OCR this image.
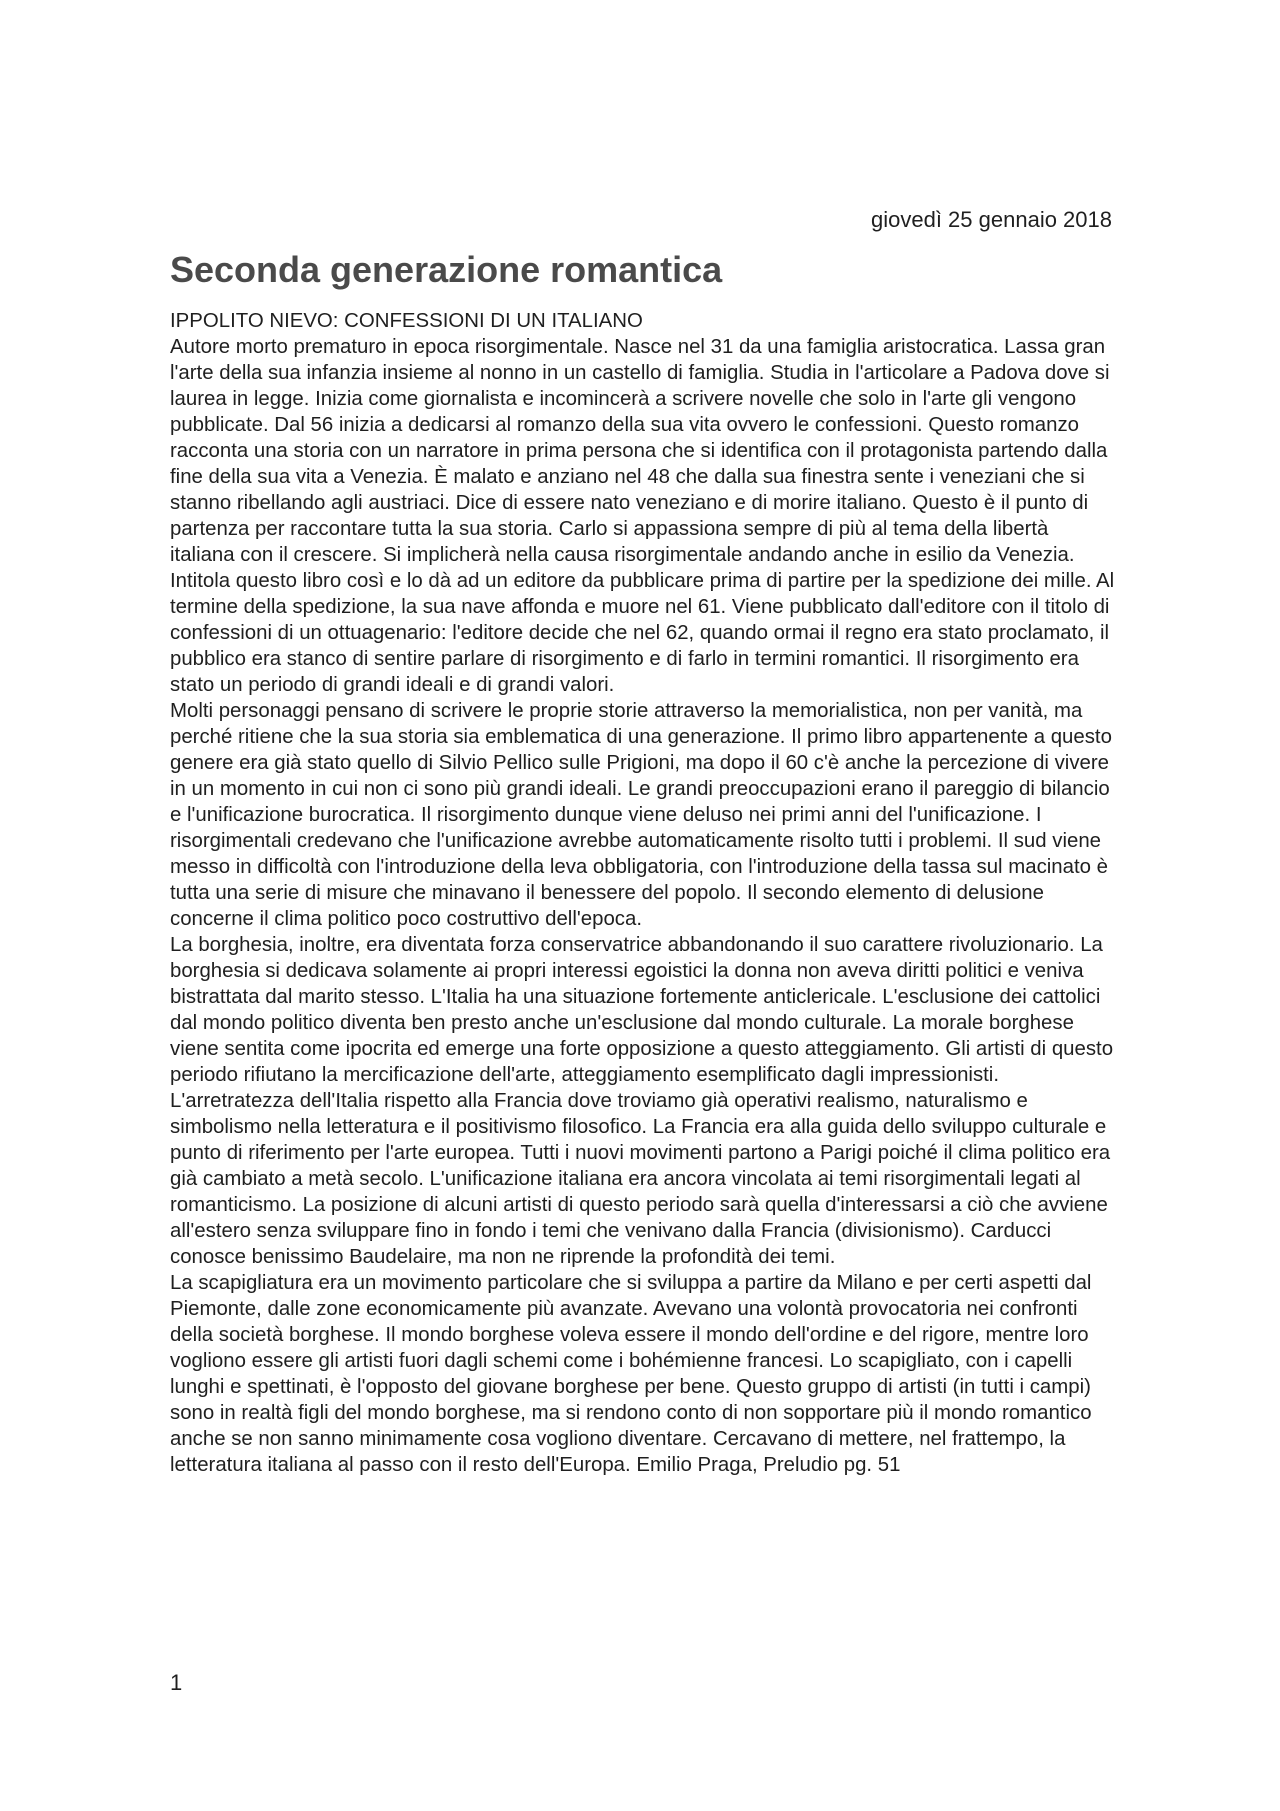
giovedì 25 gennaio 2018
Seconda generazione romantica

IPPOLITO NIEVO: CONFESSIONI DI UN ITALIANO

Autore morto prematuro in epoca risorgimentale. Nasce nel 31 da una famiglia aristocratica. Lassa gran l'arte della sua infanzia insieme al nonno in un castello di famiglia. Studia in l'articolare a Padova dove si laurea in legge. Inizia come giornalista e incomincerà a scrivere novelle che solo in l'arte gli vengono pubblicate. Dal 56 inizia a dedicarsi al romanzo della sua vita ovvero le confessioni. Questo romanzo racconta una storia con un narratore in prima persona che si identifica con il protagonista partendo dalla fine della sua vita a Venezia. È malato e anziano nel 48 che dalla sua finestra sente i veneziani che si stanno ribellando agli austriaci. Dice di essere nato veneziano e di morire italiano. Questo è il punto di partenza per raccontare tutta la sua storia. Carlo si appassiona sempre di più al tema della libertà italiana con il crescere. Si implicherà nella causa risorgimentale andando anche in esilio da Venezia.

Intitola questo libro così e lo dà ad un editore da pubblicare prima di partire per la spedizione dei mille. Al termine della spedizione, la sua nave affonda e muore nel 61. Viene pubblicato dall'editore con il titolo di confessioni di un ottuagenario: l'editore decide che nel 62, quando ormai il regno era stato proclamato, il pubblico era stanco di sentire parlare di risorgimento e di farlo in termini romantici. Il risorgimento era stato un periodo di grandi ideali e di grandi valori.

Molti personaggi pensano di scrivere le proprie storie attraverso la memorialistica, non per vanità, ma perché ritiene che la sua storia sia emblematica di una generazione. Il primo libro appartenente a questo genere era già stato quello di Silvio Pellico sulle Prigioni, ma dopo il 60 c'è anche la percezione di vivere in un momento in cui non ci sono più grandi ideali. Le grandi preoccupazioni erano il pareggio di bilancio e l'unificazione burocratica. Il risorgimento dunque viene deluso nei primi anni del l'unificazione. I risorgimentali credevano che l'unificazione avrebbe automaticamente risolto tutti i problemi. Il sud viene messo in difficoltà con l'introduzione della leva obbligatoria, con l'introduzione della tassa sul macinato è tutta una serie di misure che minavano il benessere del popolo. Il secondo elemento di delusione concerne il clima politico poco costruttivo dell'epoca.

La borghesia, inoltre, era diventata forza conservatrice abbandonando il suo carattere rivoluzionario. La borghesia si dedicava solamente ai propri interessi egoistici la donna non aveva diritti politici e veniva bistrattata dal marito stesso. L'Italia ha una situazione fortemente anticlericale. L'esclusione dei cattolici dal mondo politico diventa ben presto anche un'esclusione dal mondo culturale. La morale borghese viene sentita come ipocrita ed emerge una forte opposizione a questo atteggiamento. Gli artisti di questo periodo rifiutano la mercificazione dell'arte, atteggiamento esemplificato dagli impressionisti.

L'arretratezza dell'Italia rispetto alla Francia dove troviamo già operativi realismo, naturalismo e simbolismo nella letteratura e il positivismo filosofico. La Francia era alla guida dello sviluppo culturale e punto di riferimento per l'arte europea. Tutti i nuovi movimenti partono a Parigi poiché il clima politico era già cambiato a metà secolo. L'unificazione italiana era ancora vincolata ai temi risorgimentali legati al romanticismo. La posizione di alcuni artisti di questo periodo sarà quella d'interessarsi a ciò che avviene all'estero senza sviluppare fino in fondo i temi che venivano dalla Francia (divisionismo). Carducci conosce benissimo Baudelaire, ma non ne riprende la profondità dei temi.

La scapigliatura era un movimento particolare che si sviluppa a partire da Milano e per certi aspetti dal Piemonte, dalle zone economicamente più avanzate. Avevano una volontà provocatoria nei confronti della società borghese. Il mondo borghese voleva essere il mondo dell'ordine e del rigore, mentre loro vogliono essere gli artisti fuori dagli schemi come i bohémienne francesi. Lo scapigliato, con i capelli lunghi e spettinati, è l'opposto del giovane borghese per bene. Questo gruppo di artisti (in tutti i campi) sono in realtà figli del mondo borghese, ma si rendono conto di non sopportare più il mondo romantico anche se non sanno minimamente cosa vogliono diventare. Cercavano di mettere, nel frattempo, la letteratura italiana al passo con il resto dell'Europa. Emilio Praga, Preludio pg. 51

1
